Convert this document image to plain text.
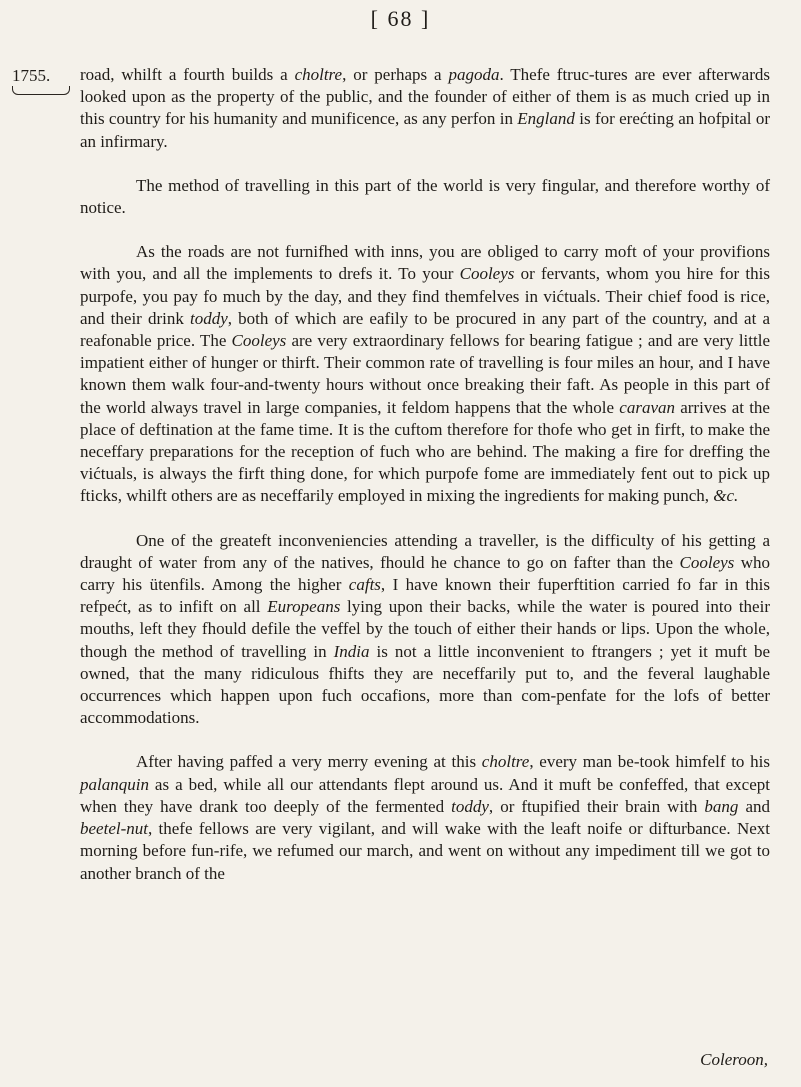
[ 68 ]
1755. road, whilft a fourth builds a choltre, or perhaps a pagoda. Thefe ftruc-tures are ever afterwards looked upon as the property of the public, and the founder of either of them is as much cried up in this country for his humanity and munificence, as any perfon in England is for erećting an hofpital or an infirmary.

The method of travelling in this part of the world is very fingular, and therefore worthy of notice.

As the roads are not furnifhed with inns, you are obliged to carry moft of your provifions with you, and all the implements to drefs it. To your Cooleys or fervants, whom you hire for this purpofe, you pay fo much by the day, and they find themfelves in vićtuals. Their chief food is rice, and their drink toddy, both of which are eafily to be procured in any part of the country, and at a reafonable price. The Cooleys are very extraordinary fellows for bearing fatigue ; and are very little impatient either of hunger or thirft. Their common rate of travelling is four miles an hour, and I have known them walk four-and-twenty hours without once breaking their faft. As people in this part of the world always travel in large companies, it feldom happens that the whole caravan arrives at the place of deftination at the fame time. It is the cuftom therefore for thofe who get in firft, to make the neceffary preparations for the reception of fuch who are behind. The making a fire for dreffing the vićtuals, is always the firft thing done, for which purpofe fome are immediately fent out to pick up fticks, whilft others are as neceffarily employed in mixing the ingredients for making punch, &c.

One of the greateft inconveniencies attending a traveller, is the difficulty of his getting a draught of water from any of the natives, fhould he chance to go on fafter than the Cooleys who carry his ütenfils. Among the higher cafts, I have known their fuperftition carried fo far in this refpećt, as to infift on all Europeans lying upon their backs, while the water is poured into their mouths, left they fhould defile the veffel by the touch of either their hands or lips. Upon the whole, though the method of travelling in India is not a little inconvenient to ftrangers ; yet it muft be owned, that the many ridiculous fhifts they are neceffarily put to, and the feveral laughable occurrences which happen upon fuch occafions, more than com-penfate for the lofs of better accommodations.

After having paffed a very merry evening at this choltre, every man be-took himfelf to his palanquin as a bed, while all our attendants flept around us. And it muft be confeffed, that except when they have drank too deeply of the fermented toddy, or ftupified their brain with bang and beetel-nut, thefe fellows are very vigilant, and will wake with the leaft noife or difturbance. Next morning before fun-rife, we refumed our march, and went on without any impediment till we got to another branch of the

Coleroon,
